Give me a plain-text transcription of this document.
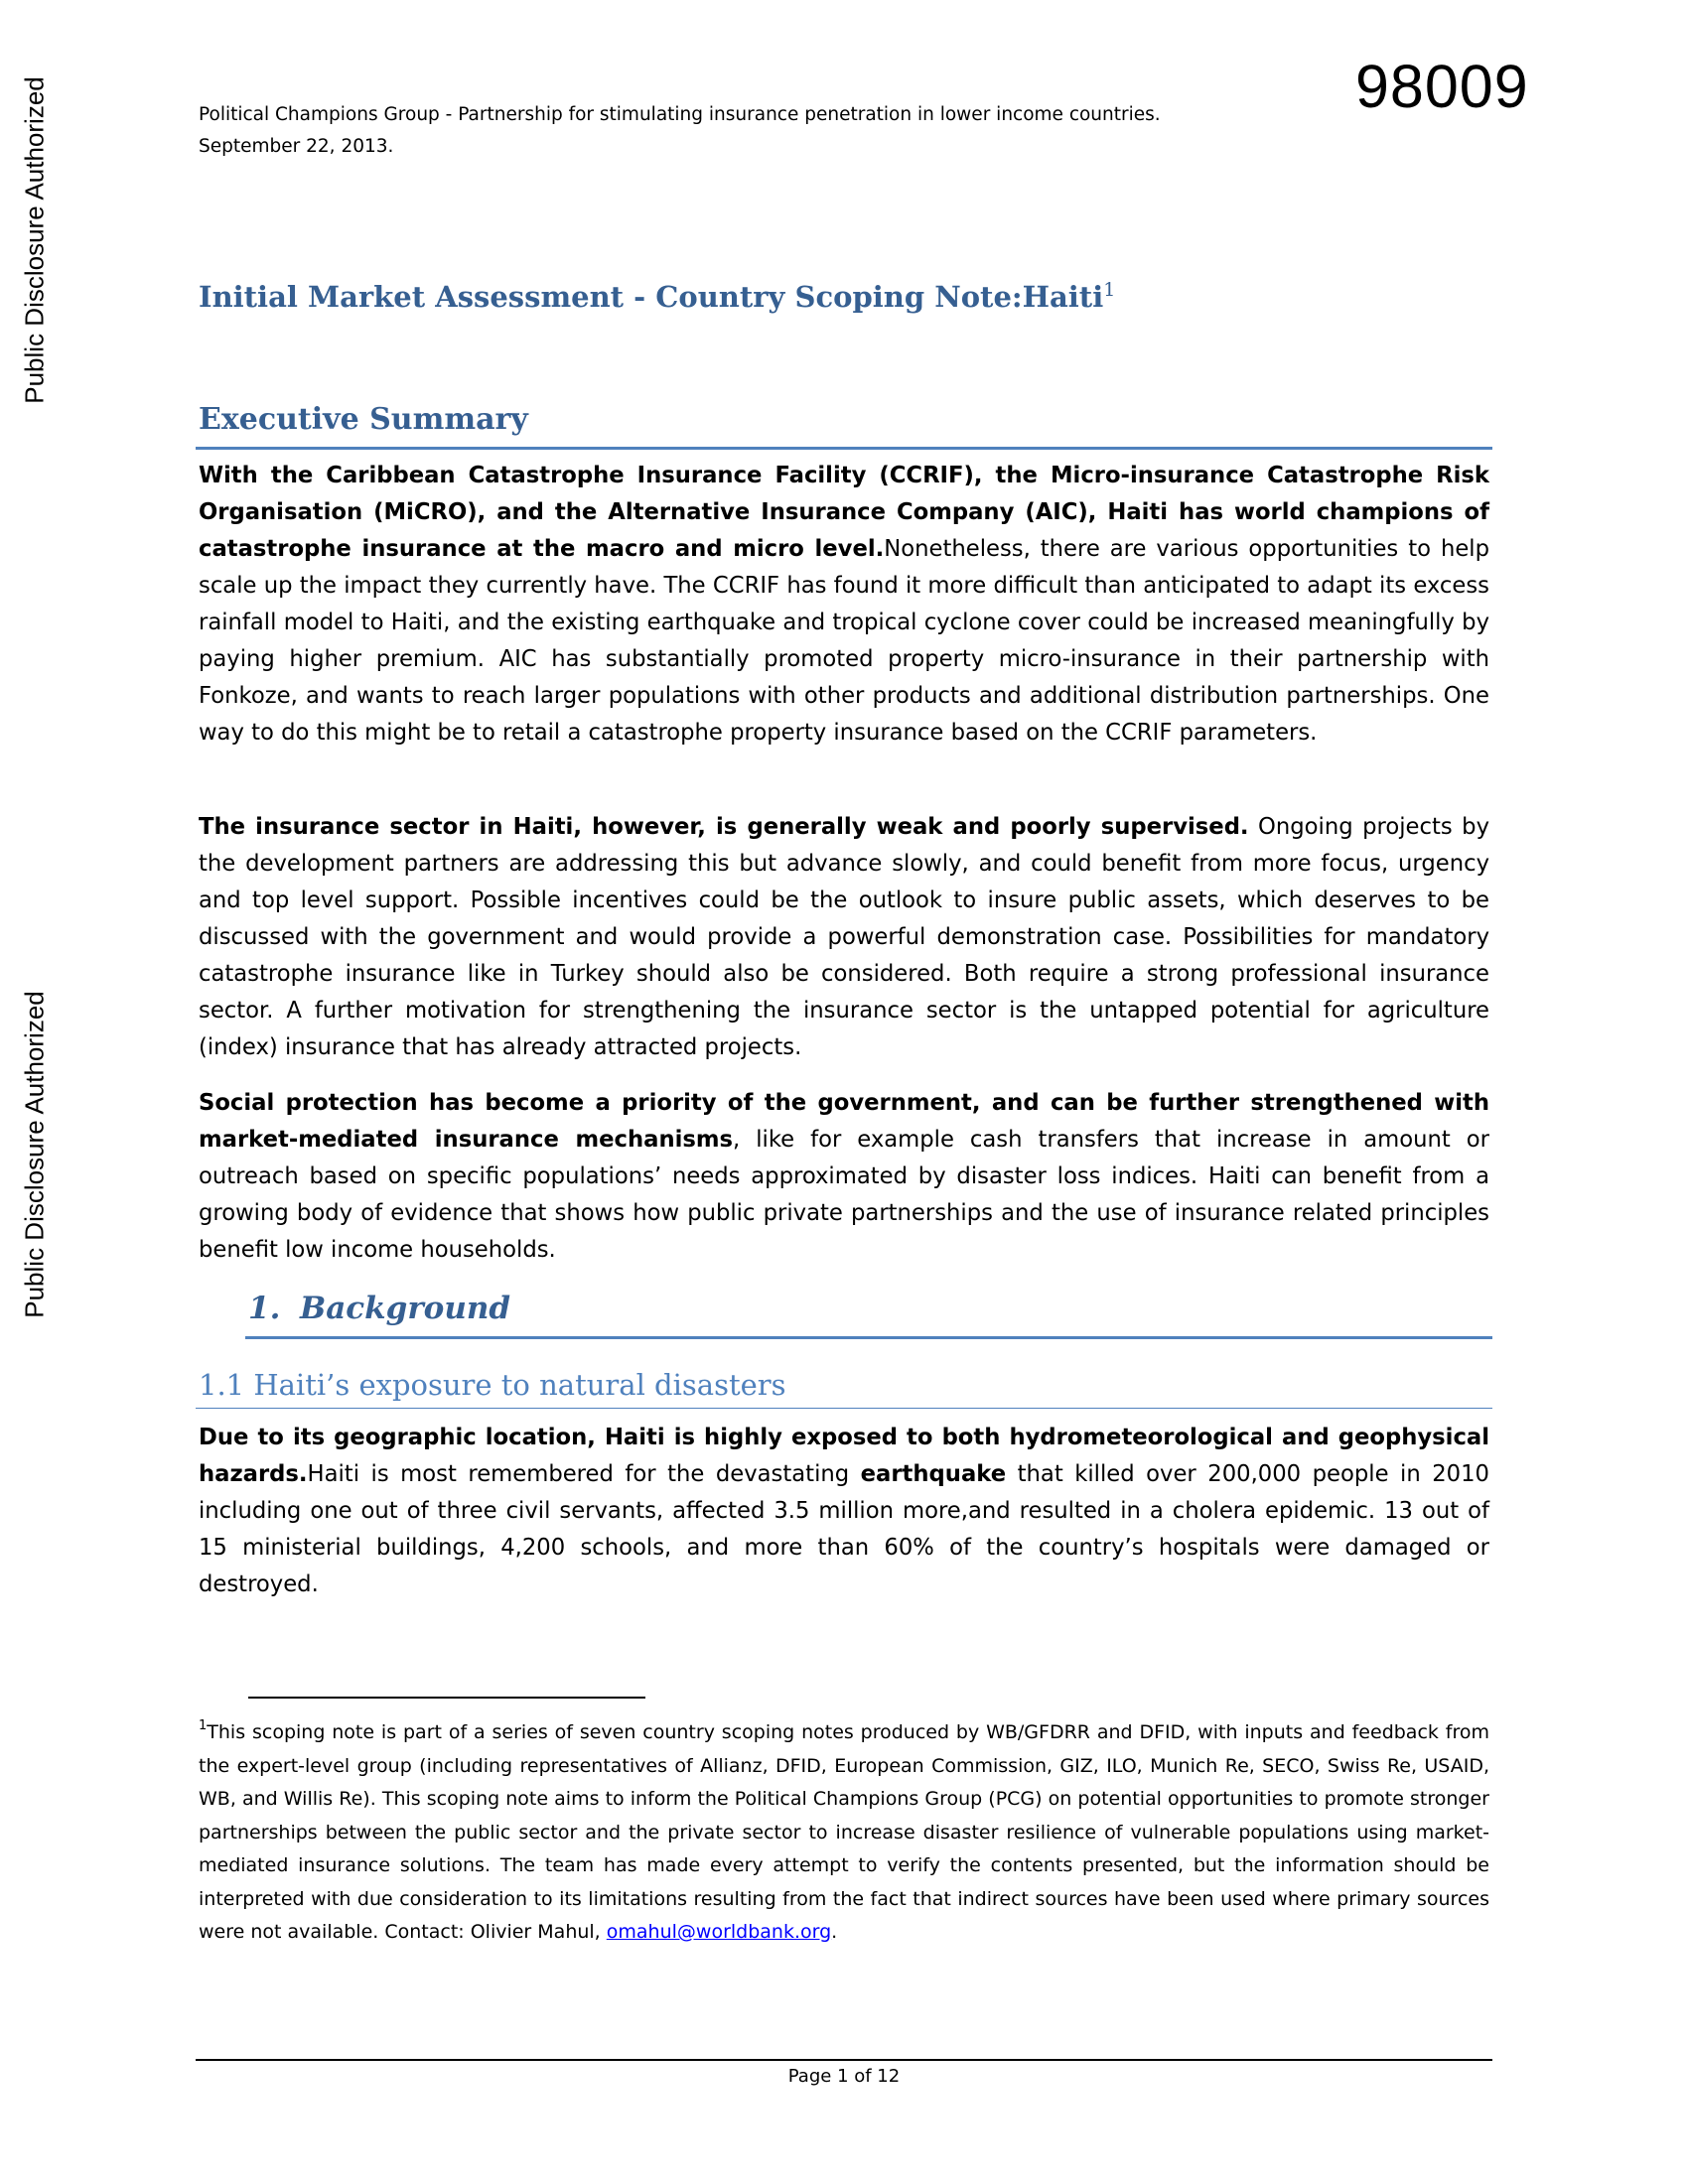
Public Disclosure Authorized
Public Disclosure Authorized
98009
Political Champions Group - Partnership for stimulating insurance penetration in lower income countries.
September 22, 2013.
Initial Market Assessment - Country Scoping Note:Haiti$^1$
Executive Summary
With the Caribbean Catastrophe Insurance Facility (CCRIF), the Micro-insurance Catastrophe Risk Organisation (MiCRO), and the Alternative Insurance Company (AIC), Haiti has world champions of catastrophe insurance at the macro and micro level.Nonetheless, there are various opportunities to help scale up the impact they currently have. The CCRIF has found it more difficult than anticipated to adapt its excess rainfall model to Haiti, and the existing earthquake and tropical cyclone cover could be increased meaningfully by paying higher premium. AIC has substantially promoted property micro-insurance in their partnership with Fonkoze, and wants to reach larger populations with other products and additional distribution partnerships. One way to do this might be to retail a catastrophe property insurance based on the CCRIF parameters.
The insurance sector in Haiti, however, is generally weak and poorly supervised. Ongoing projects by the development partners are addressing this but advance slowly, and could benefit from more focus, urgency and top level support. Possible incentives could be the outlook to insure public assets, which deserves to be discussed with the government and would provide a powerful demonstration case. Possibilities for mandatory catastrophe insurance like in Turkey should also be considered. Both require a strong professional insurance sector. A further motivation for strengthening the insurance sector is the untapped potential for agriculture (index) insurance that has already attracted projects.
Social protection has become a priority of the government, and can be further strengthened with market-mediated insurance mechanisms, like for example cash transfers that increase in amount or outreach based on specific populations’ needs approximated by disaster loss indices. Haiti can benefit from a growing body of evidence that shows how public private partnerships and the use of insurance related principles benefit low income households.
1. Background
1.1 Haiti’s exposure to natural disasters
Due to its geographic location, Haiti is highly exposed to both hydrometeorological and geophysical hazards.Haiti is most remembered for the devastating earthquake that killed over 200,000 people in 2010 including one out of three civil servants, affected 3.5 million more,and resulted in a cholera epidemic. 13 out of 15 ministerial buildings, 4,200 schools, and more than 60% of the country’s hospitals were damaged or destroyed.
$^1$This scoping note is part of a series of seven country scoping notes produced by WB/GFDRR and DFID, with inputs and feedback from the expert-level group (including representatives of Allianz, DFID, European Commission, GIZ, ILO, Munich Re, SECO, Swiss Re, USAID, WB, and Willis Re). This scoping note aims to inform the Political Champions Group (PCG) on potential opportunities to promote stronger partnerships between the public sector and the private sector to increase disaster resilience of vulnerable populations using market-mediated insurance solutions. The team has made every attempt to verify the contents presented, but the information should be interpreted with due consideration to its limitations resulting from the fact that indirect sources have been used where primary sources were not available. Contact: Olivier Mahul, omahul@worldbank.org.
Page 1 of 12
